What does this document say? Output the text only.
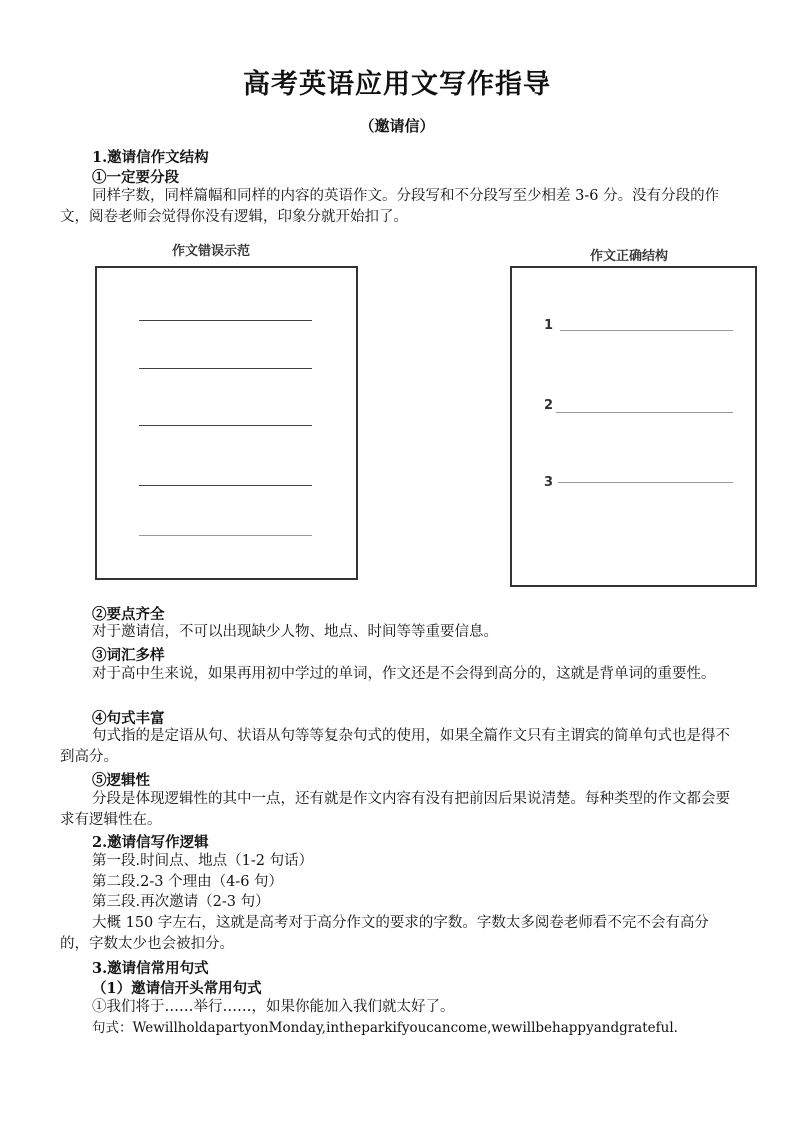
高考英语应用文写作指导
（邀请信）
1.邀请信作文结构
①一定要分段
同样字数，同样篇幅和同样的内容的英语作文。分段写和不分段写至少相差 3-6 分。没有分段的作文，阅卷老师会觉得你没有逻辑，印象分就开始扣了。
作文错误示范	作文正确结构
1
2
3
②要点齐全
对于邀请信，不可以出现缺少人物、地点、时间等等重要信息。
③词汇多样
对于高中生来说，如果再用初中学过的单词，作文还是不会得到高分的，这就是背单词的重要性。
④句式丰富
句式指的是定语从句、状语从句等等复杂句式的使用，如果全篇作文只有主谓宾的简单句式也是得不到高分。
⑤逻辑性
分段是体现逻辑性的其中一点，还有就是作文内容有没有把前因后果说清楚。每种类型的作文都会要求有逻辑性在。
2.邀请信写作逻辑
第一段.时间点、地点（1-2 句话）
第二段.2-3 个理由（4-6 句）
第三段.再次邀请（2-3 句）
大概 150 字左右，这就是高考对于高分作文的要求的字数。字数太多阅卷老师看不完不会有高分的，字数太少也会被扣分。
3.邀请信常用句式
（1）邀请信开头常用句式
①我们将于……举行……，如果你能加入我们就太好了。
句式：WewillholdapartyonMonday,intheparkifyoucancome,wewillbehappyandgrateful.
